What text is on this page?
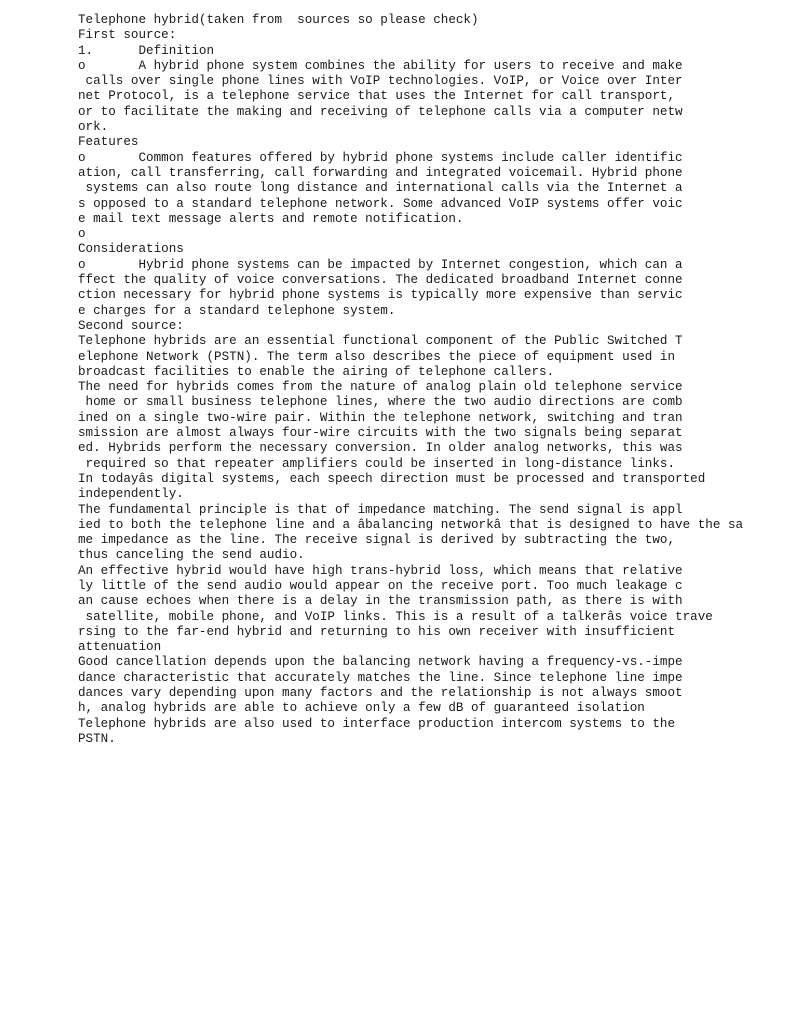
Telephone hybrid(taken from  sources so please check)
First source:
1.      Definition
o       A hybrid phone system combines the ability for users to receive and make
calls over single phone lines with VoIP technologies. VoIP, or Voice over Inter
net Protocol, is a telephone service that uses the Internet for call transport,
or to facilitate the making and receiving of telephone calls via a computer netw
ork.
Features
o       Common features offered by hybrid phone systems include caller identific
ation, call transferring, call forwarding and integrated voicemail. Hybrid phone
systems can also route long distance and international calls via the Internet a
s opposed to a standard telephone network. Some advanced VoIP systems offer voic
e mail text message alerts and remote notification.
o
Considerations
o       Hybrid phone systems can be impacted by Internet congestion, which can a
ffect the quality of voice conversations. The dedicated broadband Internet conne
ction necessary for hybrid phone systems is typically more expensive than servic
e charges for a standard telephone system.
Second source:
Telephone hybrids are an essential functional component of the Public Switched T
elephone Network (PSTN). The term also describes the piece of equipment used in
broadcast facilities to enable the airing of telephone callers.
The need for hybrids comes from the nature of analog plain old telephone service
home or small business telephone lines, where the two audio directions are comb
ined on a single two-wire pair. Within the telephone network, switching and tran
smission are almost always four-wire circuits with the two signals being separat
ed. Hybrids perform the necessary conversion. In older analog networks, this was
required so that repeater amplifiers could be inserted in long-distance links.
In todayâs digital systems, each speech direction must be processed and transported
independently.
The fundamental principle is that of impedance matching. The send signal is appl
ied to both the telephone line and a âbalancing networkâ that is designed to have the sa
me impedance as the line. The receive signal is derived by subtracting the two,
thus canceling the send audio.
An effective hybrid would have high trans-hybrid loss, which means that relative
ly little of the send audio would appear on the receive port. Too much leakage c
an cause echoes when there is a delay in the transmission path, as there is with
satellite, mobile phone, and VoIP links. This is a result of a talkerâs voice trave
rsing to the far-end hybrid and returning to his own receiver with insufficient
attenuation
Good cancellation depends upon the balancing network having a frequency-vs.-impe
dance characteristic that accurately matches the line. Since telephone line impe
dances vary depending upon many factors and the relationship is not always smoot
h, analog hybrids are able to achieve only a few dB of guaranteed isolation
Telephone hybrids are also used to interface production intercom systems to the
PSTN.
